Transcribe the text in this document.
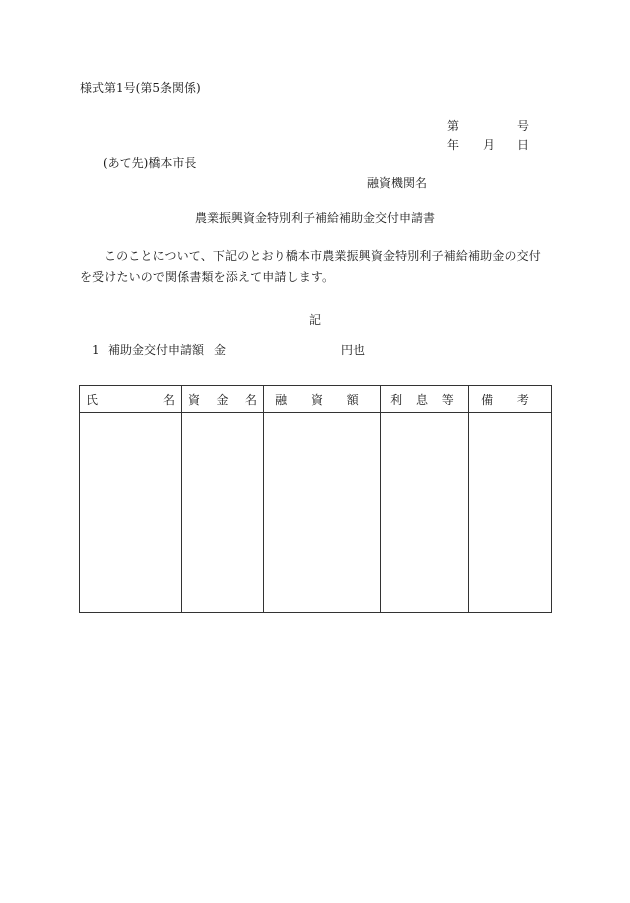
様式第1号(第5条関係)
第	号
年 月 日
(あて先)橋本市長
融資機関名
農業振興資金特別利子補給補助金交付申請書
このことについて、下記のとおり橋本市農業振興資金特別利子補給補助金の交付を受けたいので関係書類を添えて申請します。
記
1 補助金交付申請額 金	円也
氏 名	資 金 名	融 資 額	利 息 等	備 考
